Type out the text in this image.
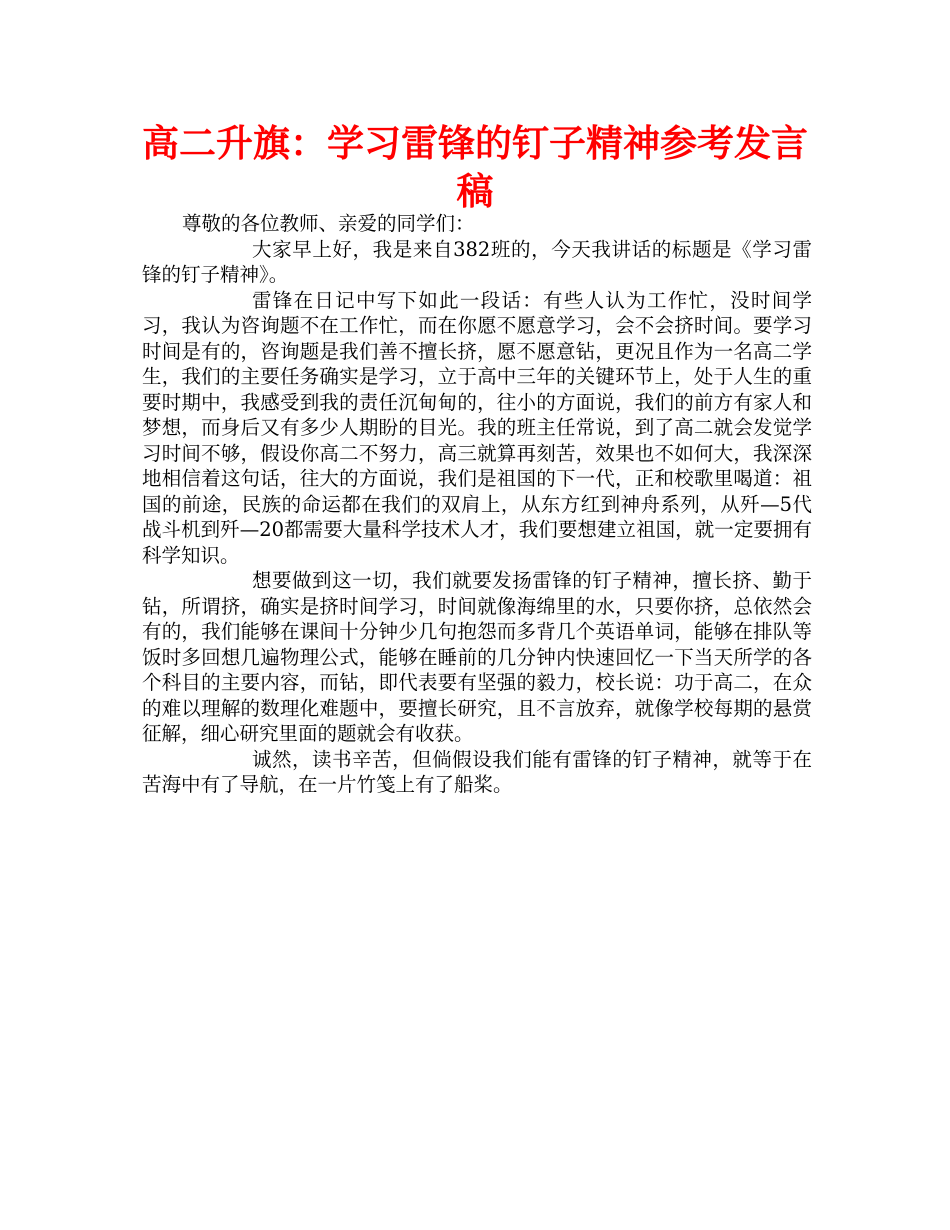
高二升旗：学习雷锋的钉子精神参考发言稿

尊敬的各位教师、亲爱的同学们：

大家早上好，我是来自382班的，今天我讲话的标题是《学习雷锋的钉子精神》。

雷锋在日记中写下如此一段话：有些人认为工作忙，没时间学习，我认为咨询题不在工作忙，而在你愿不愿意学习，会不会挤时间。要学习时间是有的，咨询题是我们善不擅长挤，愿不愿意钻，更况且作为一名高二学生，我们的主要任务确实是学习，立于高中三年的关键环节上，处于人生的重要时期中，我感受到我的责任沉甸甸的，往小的方面说，我们的前方有家人和梦想，而身后又有多少人期盼的目光。我的班主任常说，到了高二就会发觉学习时间不够，假设你高二不努力，高三就算再刻苦，效果也不如何大，我深深地相信着这句话，往大的方面说，我们是祖国的下一代，正和校歌里喝道：祖国的前途，民族的命运都在我们的双肩上，从东方红到神舟系列，从歼—5代战斗机到歼—20都需要大量科学技术人才，我们要想建立祖国，就一定要拥有科学知识。

想要做到这一切，我们就要发扬雷锋的钉子精神，擅长挤、勤于钻，所谓挤，确实是挤时间学习，时间就像海绵里的水，只要你挤，总依然会有的，我们能够在课间十分钟少几句抱怨而多背几个英语单词，能够在排队等饭时多回想几遍物理公式，能够在睡前的几分钟内快速回忆一下当天所学的各个科目的主要内容，而钻，即代表要有坚强的毅力，校长说：功于高二，在众的难以理解的数理化难题中，要擅长研究，且不言放弃，就像学校每期的悬赏征解，细心研究里面的题就会有收获。

诚然，读书辛苦，但倘假设我们能有雷锋的钉子精神，就等于在苦海中有了导航，在一片竹笺上有了船桨。
